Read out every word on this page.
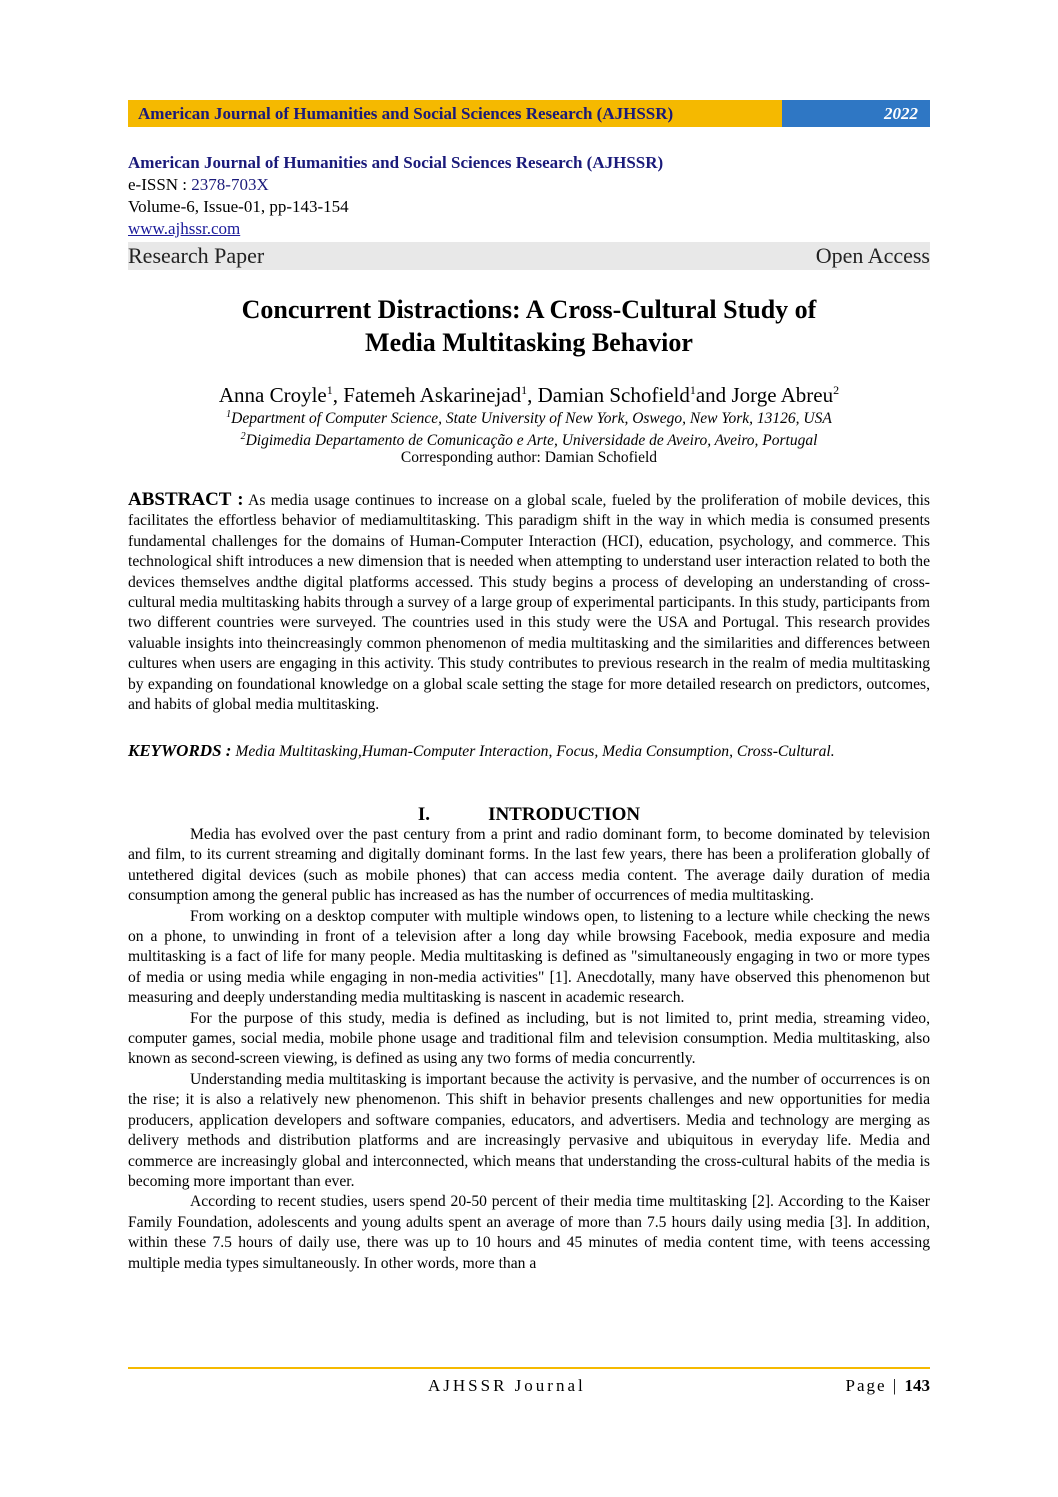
American Journal of Humanities and Social Sciences Research (AJHSSR)	2022
American Journal of Humanities and Social Sciences Research (AJHSSR)
e-ISSN : 2378-703X
Volume-6, Issue-01, pp-143-154
www.ajhssr.com
Research Paper	Open Access
Concurrent Distractions: A Cross-Cultural Study of
Media Multitasking Behavior
Anna Croyle$^1$, Fatemeh Askarinejad$^1$, Damian Schofield$^1$and Jorge Abreu$^2$
$^1$Department of Computer Science, State University of New York, Oswego, New York, 13126, USA
$^2$Digimedia Departamento de Comunicação e Arte, Universidade de Aveiro, Aveiro, Portugal
Corresponding author: Damian Schofield
ABSTRACT : As media usage continues to increase on a global scale, fueled by the proliferation of mobile devices, this facilitates the effortless behavior of mediamultitasking. This paradigm shift in the way in which media is consumed presents fundamental challenges for the domains of Human-Computer Interaction (HCI), education, psychology, and commerce. This technological shift introduces a new dimension that is needed when attempting to understand user interaction related to both the devices themselves andthe digital platforms accessed. This study begins a process of developing an understanding of cross-cultural media multitasking habits through a survey of a large group of experimental participants. In this study, participants from two different countries were surveyed. The countries used in this study were the USA and Portugal. This research provides valuable insights into theincreasingly common phenomenon of media multitasking and the similarities and differences between cultures when users are engaging in this activity. This study contributes to previous research in the realm of media multitasking by expanding on foundational knowledge on a global scale setting the stage for more detailed research on predictors, outcomes, and habits of global media multitasking.
KEYWORDS : Media Multitasking,Human-Computer Interaction, Focus, Media Consumption, Cross-Cultural.
I.	INTRODUCTION

Media has evolved over the past century from a print and radio dominant form, to become dominated by television and film, to its current streaming and digitally dominant forms. In the last few years, there has been a proliferation globally of untethered digital devices (such as mobile phones) that can access media content. The average daily duration of media consumption among the general public has increased as has the number of occurrences of media multitasking.

From working on a desktop computer with multiple windows open, to listening to a lecture while checking the news on a phone, to unwinding in front of a television after a long day while browsing Facebook, media exposure and media multitasking is a fact of life for many people. Media multitasking is defined as "simultaneously engaging in two or more types of media or using media while engaging in non-media activities" [1]. Anecdotally, many have observed this phenomenon but measuring and deeply understanding media multitasking is nascent in academic research.

For the purpose of this study, media is defined as including, but is not limited to, print media, streaming video, computer games, social media, mobile phone usage and traditional film and television consumption. Media multitasking, also known as second-screen viewing, is defined as using any two forms of media concurrently.

Understanding media multitasking is important because the activity is pervasive, and the number of occurrences is on the rise; it is also a relatively new phenomenon. This shift in behavior presents challenges and new opportunities for media producers, application developers and software companies, educators, and advertisers. Media and technology are merging as delivery methods and distribution platforms and are increasingly pervasive and ubiquitous in everyday life. Media and commerce are increasingly global and interconnected, which means that understanding the cross-cultural habits of the media is becoming more important than ever.

According to recent studies, users spend 20-50 percent of their media time multitasking [2]. According to the Kaiser Family Foundation, adolescents and young adults spent an average of more than 7.5 hours daily using media [3]. In addition, within these 7.5 hours of daily use, there was up to 10 hours and 45 minutes of media content time, with teens accessing multiple media types simultaneously. In other words, more than a

AJHSSR Journal	Page | 143
